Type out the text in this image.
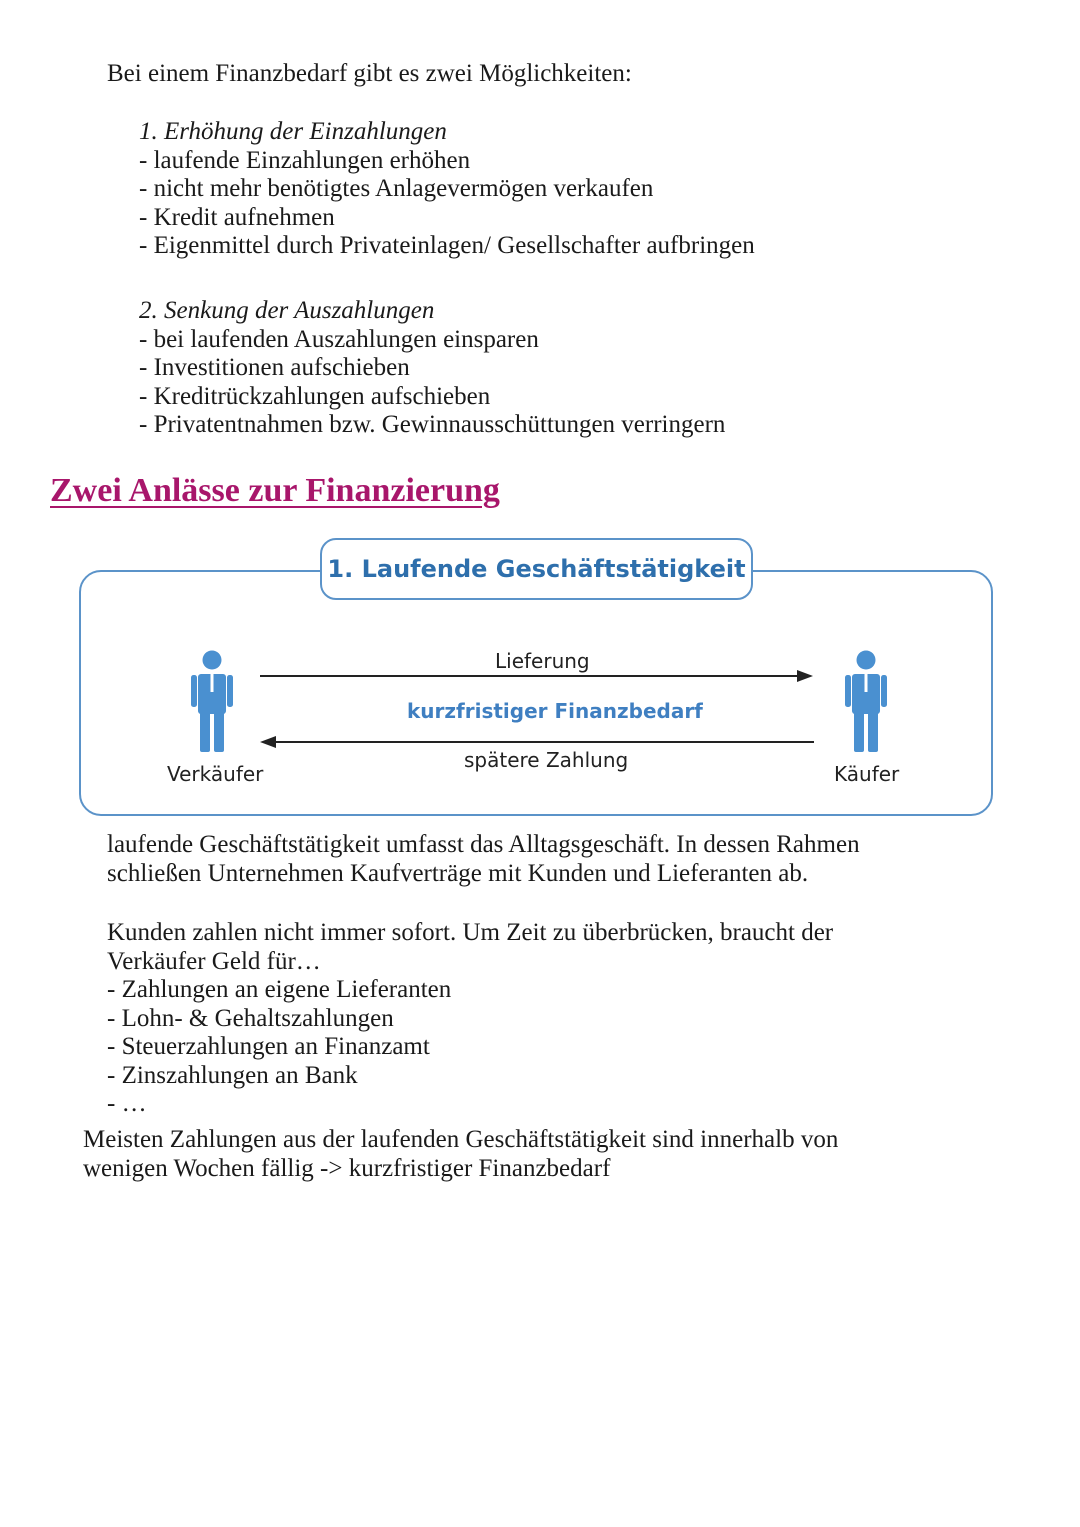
Bei einem Finanzbedarf gibt es zwei Möglichkeiten:
1. Erhöhung der Einzahlungen
- laufende Einzahlungen erhöhen
- nicht mehr benötigtes Anlagevermögen verkaufen
- Kredit aufnehmen
- Eigenmittel durch Privateinlagen/ Gesellschafter aufbringen
2. Senkung der Auszahlungen
- bei laufenden Auszahlungen einsparen
- Investitionen aufschieben
- Kreditrückzahlungen aufschieben
- Privatentnahmen bzw. Gewinnausschüttungen verringern
Zwei Anlässe zur Finanzierung
1. Laufende Geschäftstätigkeit
Lieferung
kurzfristiger Finanzbedarf
spätere Zahlung
Verkäufer	Käufer
laufende Geschäftstätigkeit umfasst das Alltagsgeschäft. In dessen Rahmen
schließen Unternehmen Kaufverträge mit Kunden und Lieferanten ab.
Kunden zahlen nicht immer sofort. Um Zeit zu überbrücken, braucht der
Verkäufer Geld für…
- Zahlungen an eigene Lieferanten
- Lohn- & Gehaltszahlungen
- Steuerzahlungen an Finanzamt
- Zinszahlungen an Bank
- …
Meisten Zahlungen aus der laufenden Geschäftstätigkeit sind innerhalb von
wenigen Wochen fällig -> kurzfristiger Finanzbedarf
